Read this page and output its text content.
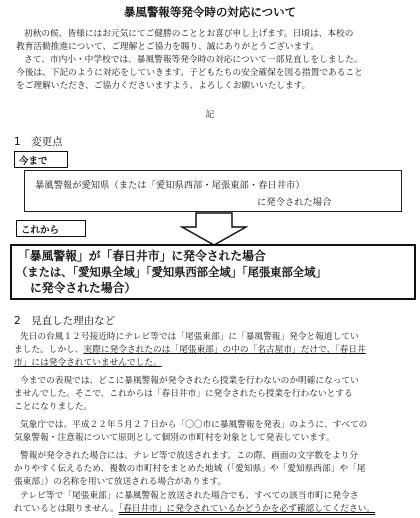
暴風警報等発令時の対応について
初秋の候、皆様にはお元気にてご健勝のこととお喜び申し上げます。日頃は、本校の
教育活動推進について、ご理解とご協力を賜り、誠にありがとうございます。
さて、市内小・中学校では、暴風警報等発令時の対応について一部見直しをしました。
今後は、下記のように対応をしていきます。子どもたちの安全確保を図る措置であること
をご理解いただき、ご協力くださいますよう、よろしくお願いいたします。
記
1　変更点
今まで
暴風警報が愛知県（または「愛知県西部・尾張東部・春日井市）
に発令された場合
これから
「暴風警報」が「春日井市」に発令された場合
（または、「愛知県全域」「愛知県西部全域」「尾張東部全域」
に発令された場合）
2　見直した理由など
先日の台風１２号接近時にテレビ等では「尾張東部」に「暴風警報」発令と報道してい
ました。しかし、実際に発令されたのは「尾張東部」の中の「名古屋市」だけで、「春日井
市」には発令されていませんでした。
今までの表現では、どこに暴風警報が発令されたら授業を行わないのか明確になってい
ませんでした。そこで、これからは「春日井市」に発令されたら授業を行わないとする
ことになりました。
気象庁では、平成２２年５月２７日から「〇〇市に暴風警報を発表」のように、すべての
気象警報・注意報について原則として個別の市町村を対象として発表しています。
警報が発令された場合には、テレビ等で放送されます。この際、画面の文字数をより分
かりやすく伝えるため、複数の市町村をまとめた地域（「愛知県」や「愛知県西部」や「尾
張東部」）の名称を用いて放送される場合があります。
テレビ等で「尾張東部」に暴風警報と放送された場合でも、すべての該当市町に発令さ
れているとは限りません。「春日井市」に発令されているかどうかを必ず確認してください。
